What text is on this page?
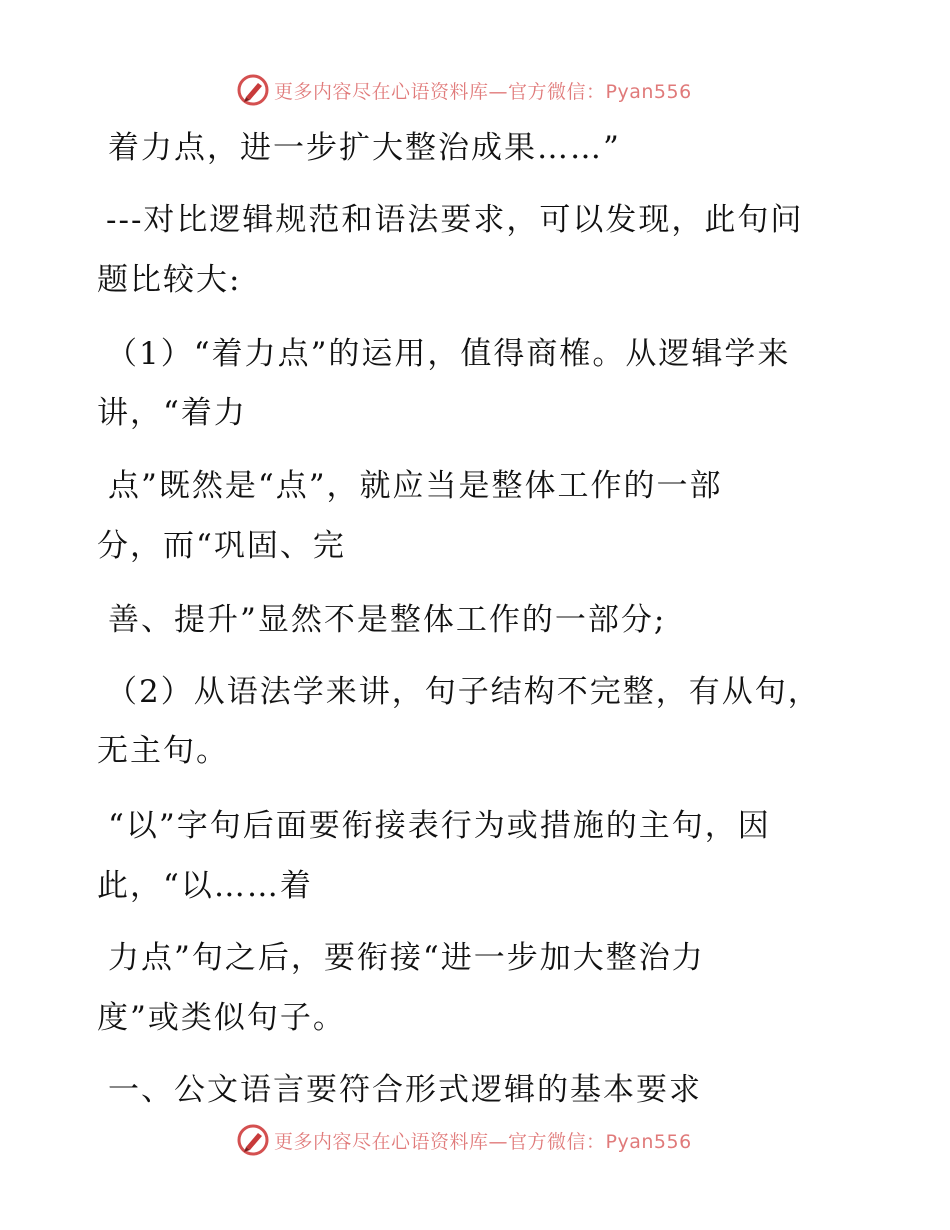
更多内容尽在心语资料库—官方微信：Pyan556
着力点，进一步扩大整治成果……”
---对比逻辑规范和语法要求，可以发现，此句问
题比较大:
（1）“着力点”的运用，值得商榷。从逻辑学来
讲，“着力
点”既然是“点”，就应当是整体工作的一部
分，而“巩固、完
善、提升”显然不是整体工作的一部分;
（2）从语法学来讲，句子结构不完整，有从句，
无主句。
“以”字句后面要衔接表行为或措施的主句，因
此，“以……着
力点”句之后，要衔接“进一步加大整治力
度”或类似句子。
一、公文语言要符合形式逻辑的基本要求
更多内容尽在心语资料库—官方微信：Pyan556
